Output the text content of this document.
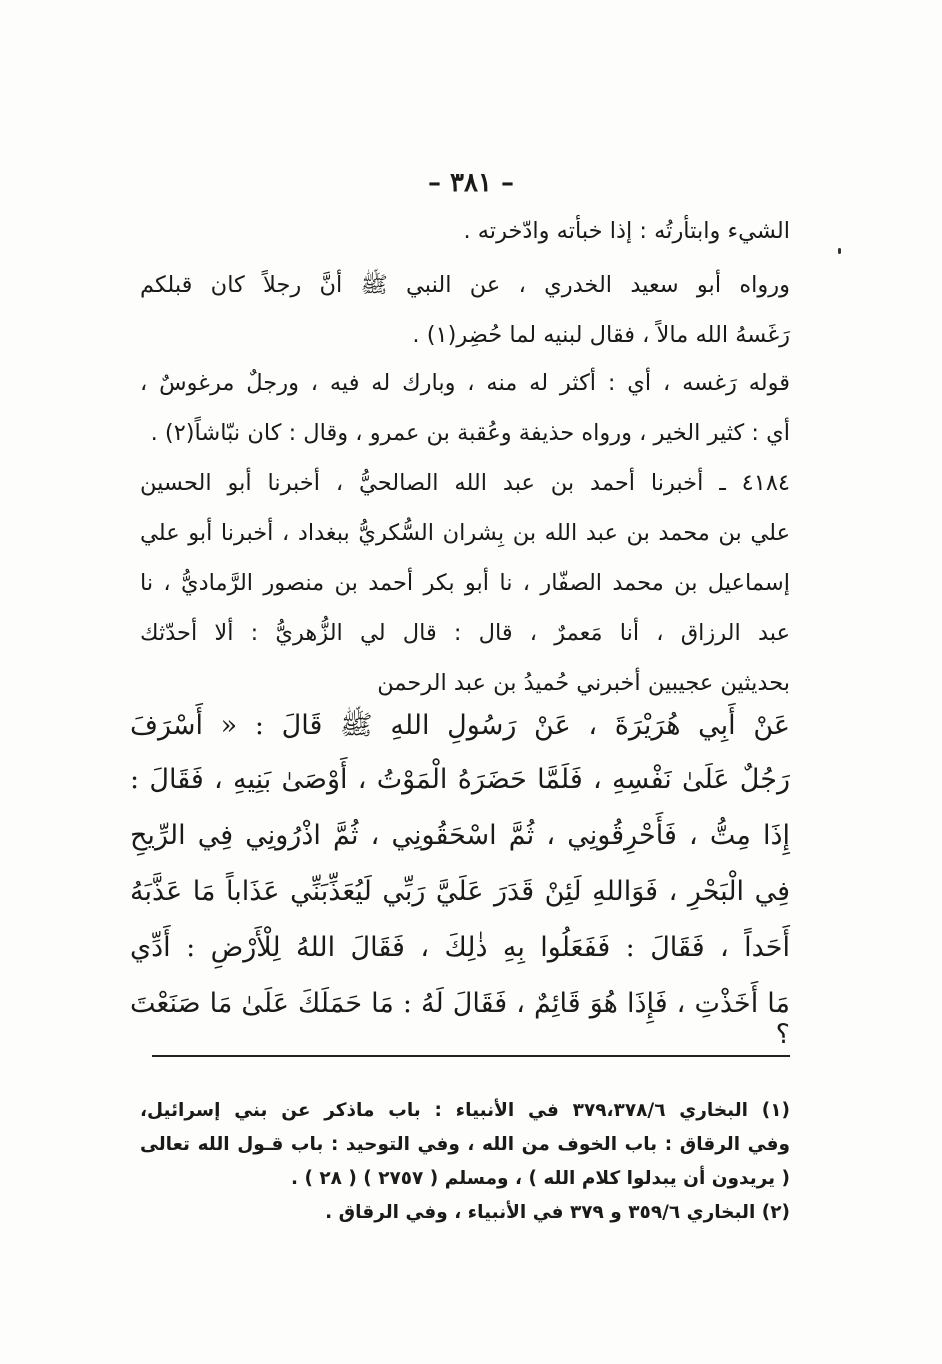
– ٣٨١ –
الشيء وابتأرتُه : إذا خبأته وادّخرته .
ورواه أبو سعيد الخدري ، عن النبي ﷺ أنَّ رجلاً كان قبلكم
رَغَسهُ الله مالاً ، فقال لبنيه لما حُضِر(١) .
قوله رَغسه ، أي : أكثر له منه ، وبارك له فيه ، ورجلٌ مرغوسٌ ،
أي : كثير الخير ، ورواه حذيفة وعُقبة بن عمرو ، وقال : كان نبّاشاً(٢) .
٤١٨٤ ـ أخبرنا أحمد بن عبد الله الصالحيُّ ، أخبرنا أبو الحسين
علي بن محمد بن عبد الله بن بِشران السُّكريُّ ببغداد ، أخبرنا أبو علي
إسماعيل بن محمد الصفّار ، نا أبو بكر أحمد بن منصور الرَّماديُّ ، نا
عبد الرزاق ، أنا مَعمرٌ ، قال : قال لي الزُّهريُّ : ألا أحدّثك
بحديثين عجيبين أخبرني حُميدُ بن عبد الرحمن
عَنْ أَبِي هُرَيْرَةَ ، عَنْ رَسُولِ اللهِ ﷺ قَالَ : « أَسْرَفَ
رَجُلٌ عَلَىٰ نَفْسِهِ ، فَلَمَّا حَضَرَهُ الْمَوْتُ ، أَوْصَىٰ بَنِيهِ ، فَقَالَ :
إِذَا مِتُّ ، فَأَحْرِقُونِي ، ثُمَّ اسْحَقُونِي ، ثُمَّ اذْرُونِي فِي الرِّيحِ
فِي الْبَحْرِ ، فَوَاللهِ لَئِنْ قَدَرَ عَلَيَّ رَبِّي لَيُعَذِّبَنِّي عَذَاباً مَا عَذَّبَهُ
أَحَداً ، فَقَالَ : فَفَعَلُوا بِهِ ذٰلِكَ ، فَقَالَ اللهُ لِلْأَرْضِ : أَدِّي
مَا أَخَذْتِ ، فَإِذَا هُوَ قَائِمٌ ، فَقَالَ لَهُ : مَا حَمَلَكَ عَلَىٰ مَا صَنَعْتَ ؟
(١) البخاري ٣٧٩،٣٧٨/٦ في الأنبياء : باب ماذكر عن بني إسرائيل،
وفي الرقاق : باب الخوف من الله ، وفي التوحيد : باب قـول الله تعالى
( يريدون أن يبدلوا كلام الله ) ، ومسلم ( ٢٧٥٧ ) ( ٢٨ ) .
(٢) البخاري ٣٥٩/٦ و ٣٧٩ في الأنبياء ، وفي الرقاق .
